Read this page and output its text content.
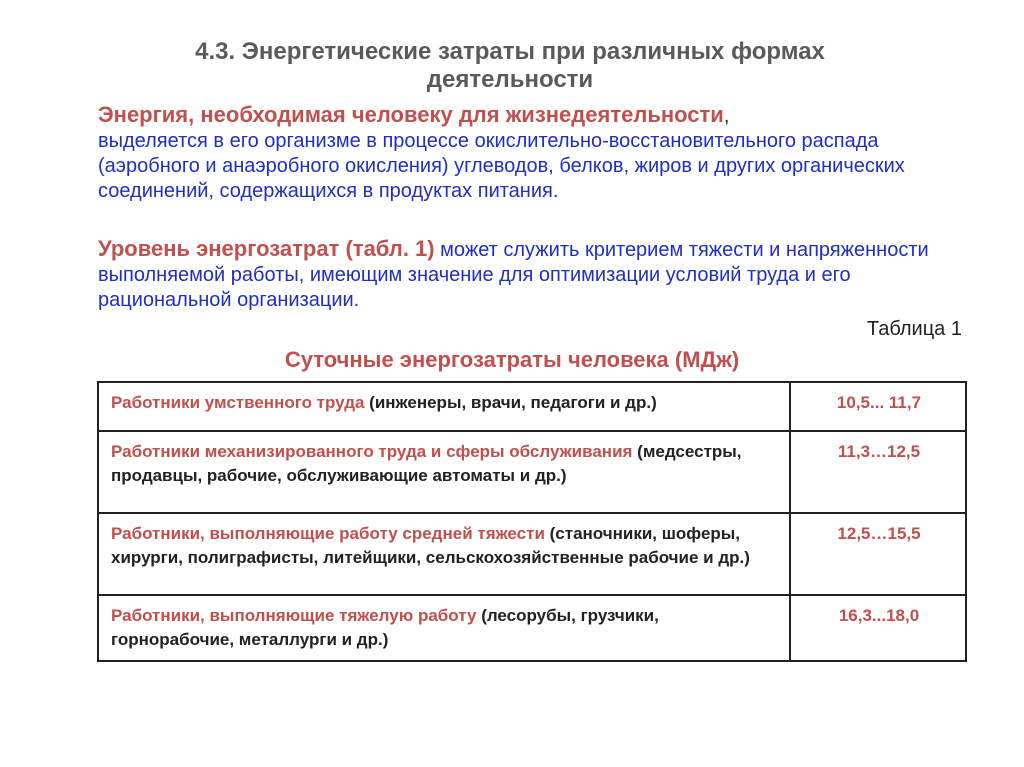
4.3. Энергетические затраты при различных формах деятельности
Энергия, необходимая человеку для жизнедеятельности,
выделяется в его организме в процессе окислительно-восстановительного распада (аэробного и анаэробного окисления) углеводов, белков, жиров и других органических соединений, содержащихся в продуктах питания.
Уровень энергозатрат (табл. 1) может служить критерием тяжести и напряженности выполняемой работы, имеющим значение для оптимизации условий труда и его рациональной организации.
Таблица 1
Суточные энергозатраты человека (МДж)
Работники умственного труда (инженеры, врачи, педагоги и др.)	10,5... 11,7
Работники механизированного труда и сферы обслуживания (медсестры, продавцы, рабочие, обслуживающие автоматы и др.)	11,3…12,5
Работники, выполняющие работу средней тяжести (станочники, шоферы, хирурги, полиграфисты, литейщики, сельскохозяйственные рабочие и др.)	12,5…15,5
Работники, выполняющие тяжелую работу (лесорубы, грузчики, горнорабочие, металлурги и др.)	16,3...18,0
